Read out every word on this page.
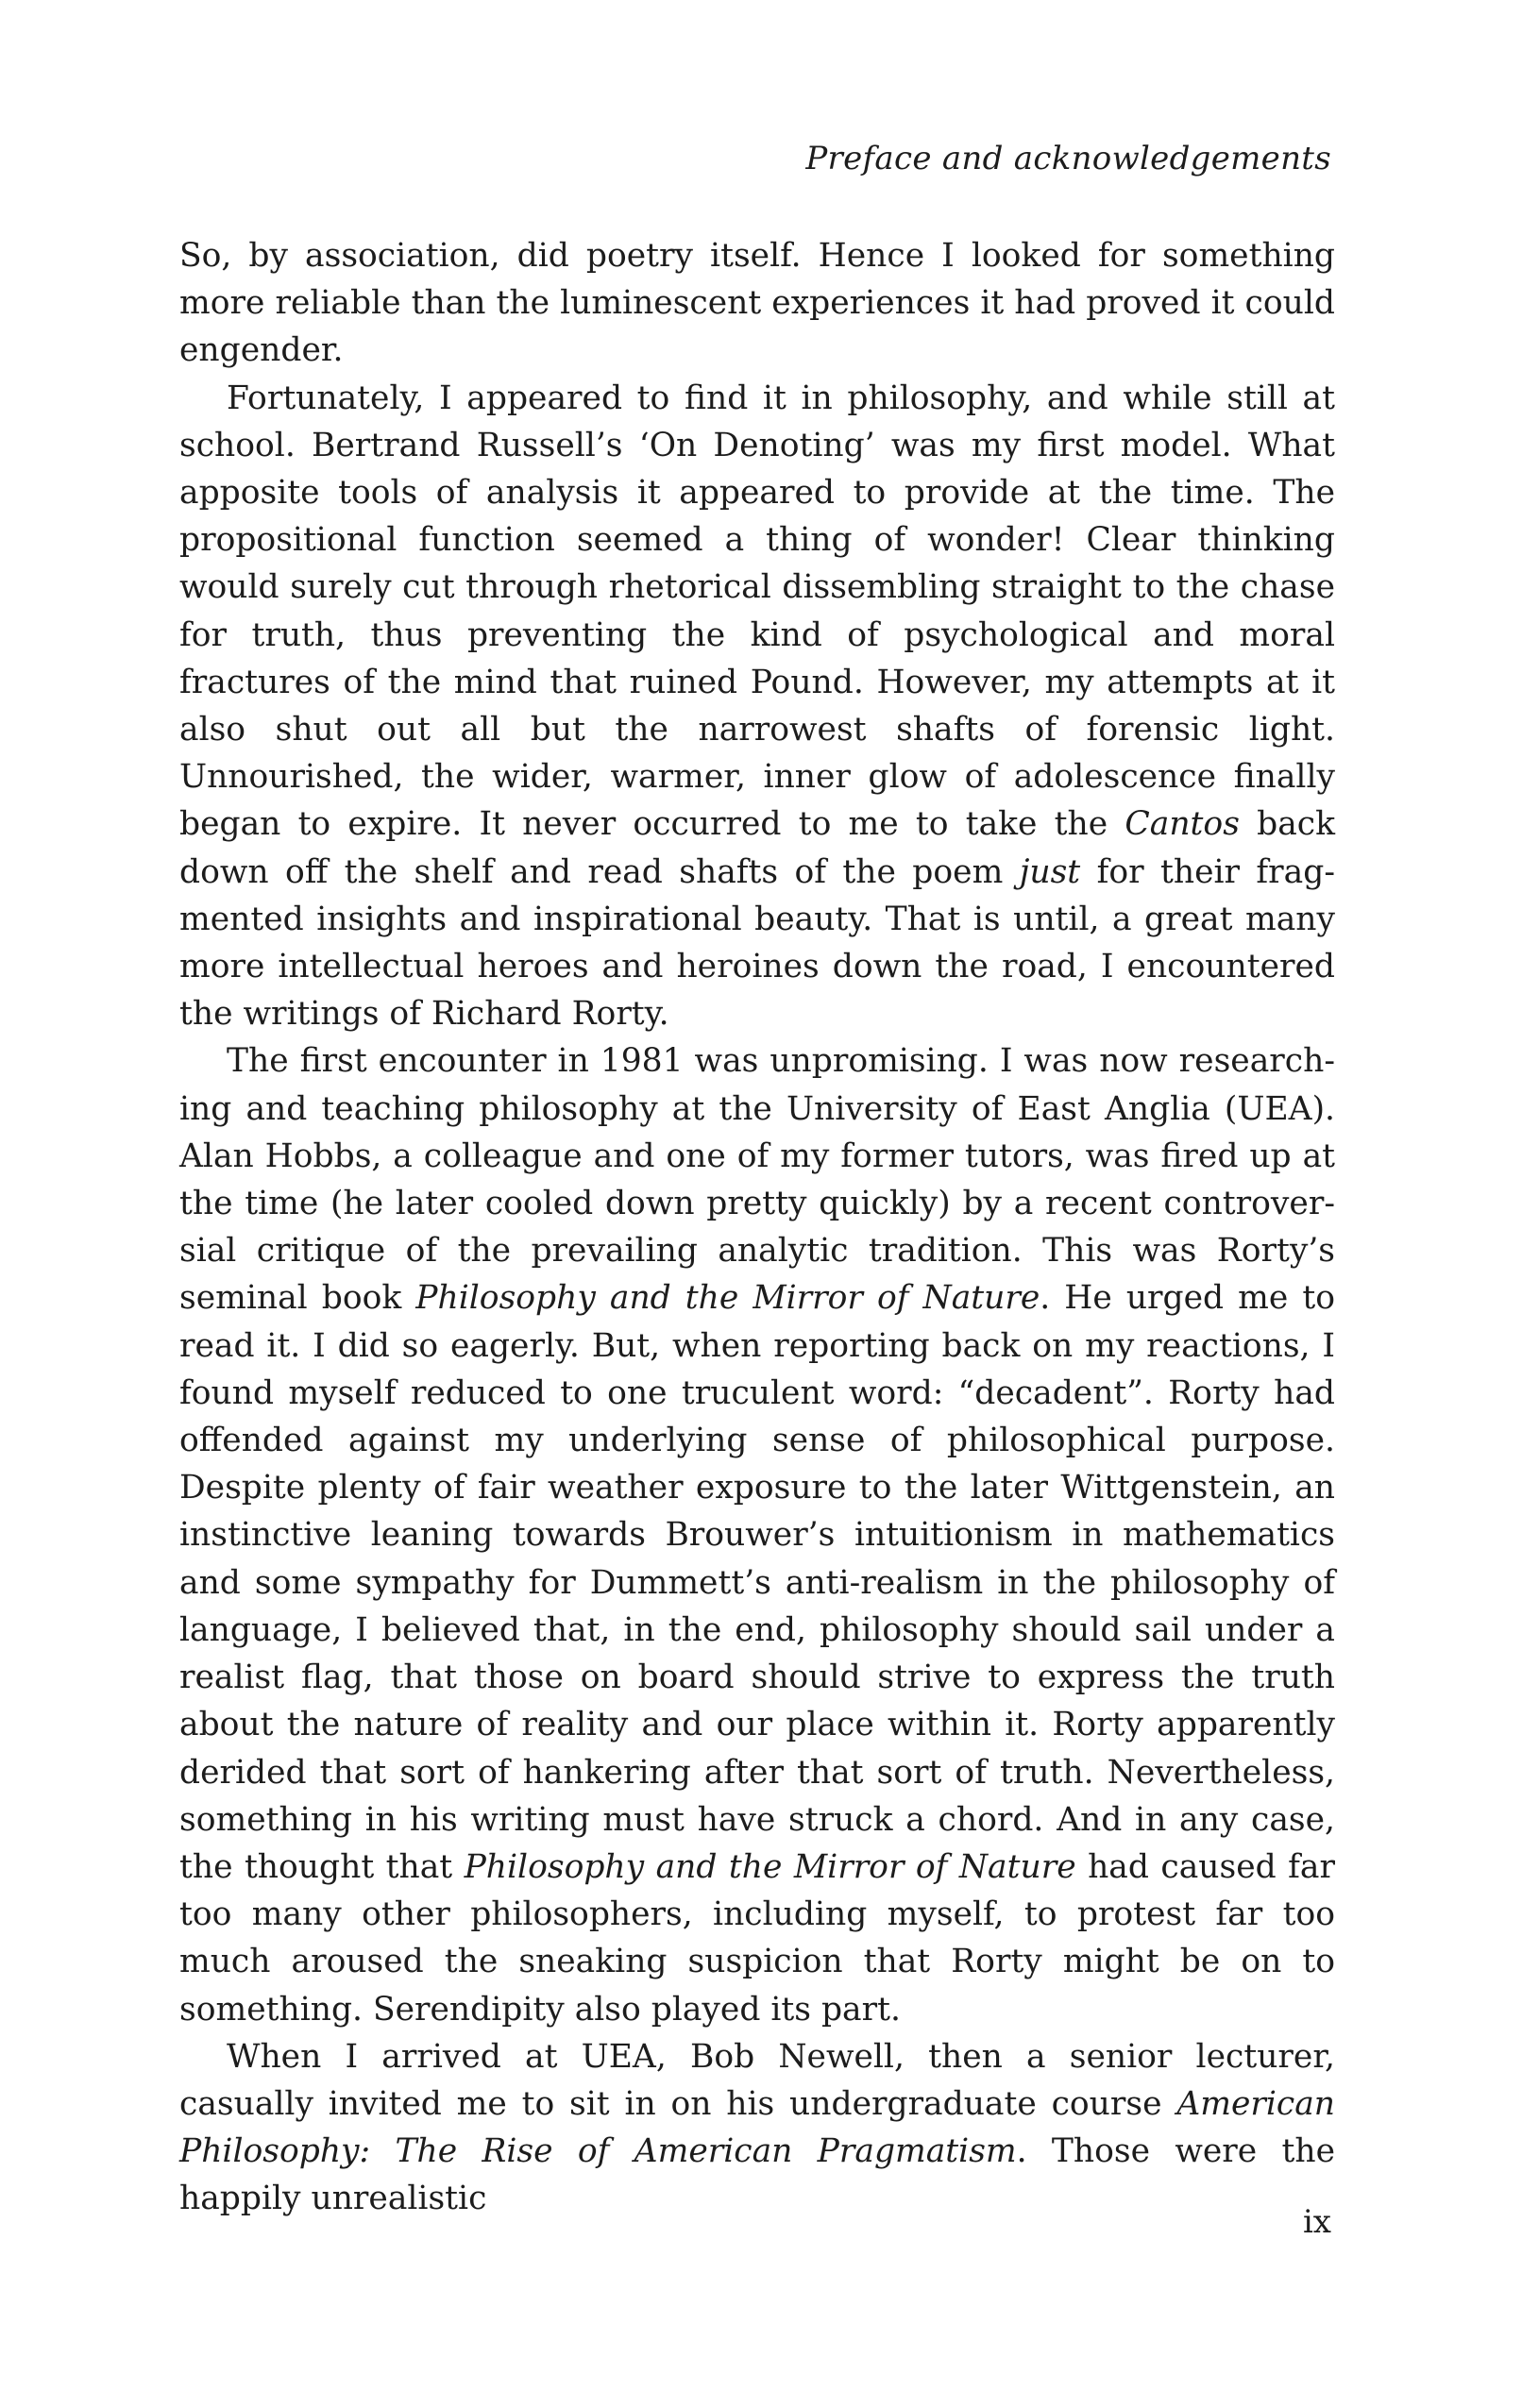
Preface and acknowledgements

So, by association, did poetry itself. Hence I looked for something more reliable than the luminescent experiences it had proved it could engender.

Fortunately, I appeared to find it in philosophy, and while still at school. Bertrand Russell’s ‘On Denoting’ was my first model. What apposite tools of analysis it appeared to provide at the time. The propositional function seemed a thing of wonder! Clear thinking would surely cut through rhetorical dissembling straight to the chase for truth, thus preventing the kind of psychological and moral fractures of the mind that ruined Pound. However, my attempts at it also shut out all but the narrowest shafts of forensic light. Unnourished, the wider, warmer, inner glow of adolescence finally began to expire. It never occurred to me to take the Cantos back down off the shelf and read shafts of the poem just for their fragmented insights and inspirational beauty. That is until, a great many more intellectual heroes and heroines down the road, I encountered the writings of Richard Rorty.

The first encounter in 1981 was unpromising. I was now researching and teaching philosophy at the University of East Anglia (UEA). Alan Hobbs, a colleague and one of my former tutors, was fired up at the time (he later cooled down pretty quickly) by a recent controversial critique of the prevailing analytic tradition. This was Rorty’s seminal book Philosophy and the Mirror of Nature. He urged me to read it. I did so eagerly. But, when reporting back on my reactions, I found myself reduced to one truculent word: “decadent”. Rorty had offended against my underlying sense of philosophical purpose. Despite plenty of fair weather exposure to the later Wittgenstein, an instinctive leaning towards Brouwer’s intuitionism in mathematics and some sympathy for Dummett’s anti-realism in the philosophy of language, I believed that, in the end, philosophy should sail under a realist flag, that those on board should strive to express the truth about the nature of reality and our place within it. Rorty apparently derided that sort of hankering after that sort of truth. Nevertheless, something in his writing must have struck a chord. And in any case, the thought that Philosophy and the Mirror of Nature had caused far too many other philosophers, including myself, to protest far too much aroused the sneaking suspicion that Rorty might be on to something. Serendipity also played its part.

When I arrived at UEA, Bob Newell, then a senior lecturer, casually invited me to sit in on his undergraduate course American Philosophy: The Rise of American Pragmatism. Those were the happily unrealistic

ix
